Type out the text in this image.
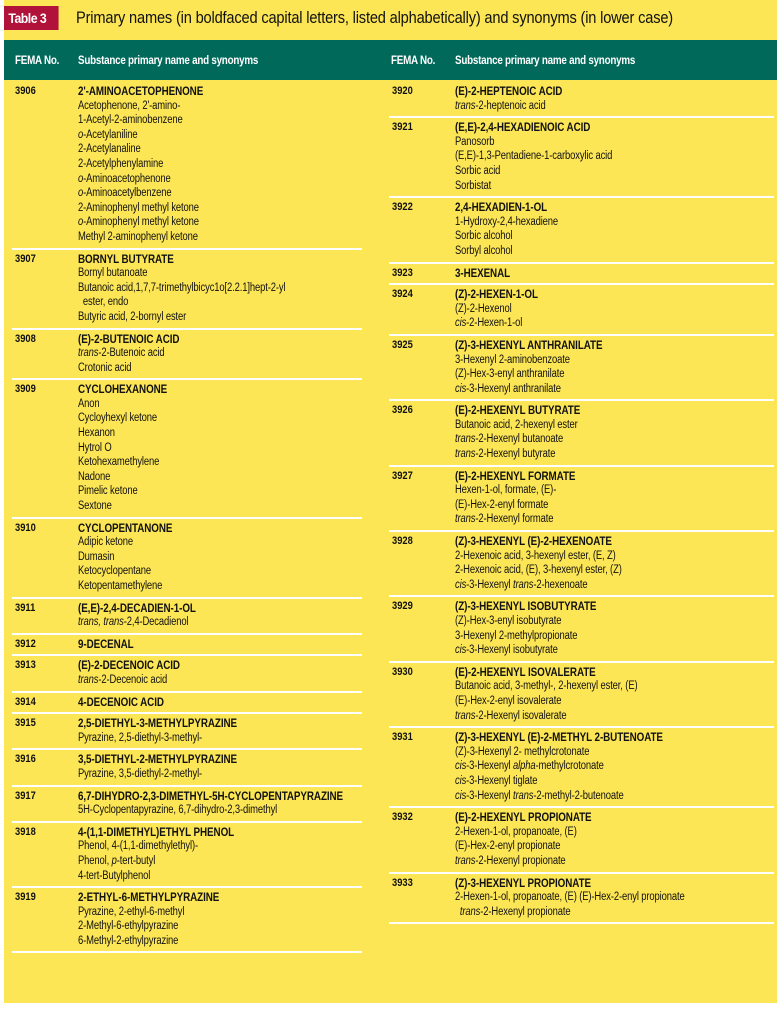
Table 3	Primary names (in boldfaced capital letters, listed alphabetically) and synonyms (in lower case)
FEMA No. Substance primary name and synonyms	FEMA No. Substance primary name and synonyms
3906	2'-AMINOACETOPHENONE
Acetophenone, 2'-amino-
1-Acetyl-2-aminobenzene
o-Acetylaniline
2-Acetylanaline
2-Acetylphenylamine
o-Aminoacetophenone
o-Aminoacetylbenzene
2-Aminophenyl methyl ketone
o-Aminophenyl methyl ketone
Methyl 2-aminophenyl ketone
3907	BORNYL BUTYRATE
Bornyl butanoate
Butanoic acid,1,7,7-trimethylbicyc1o[2.2.1]hept-2-yl
ester, endo
Butyric acid, 2-bornyl ester
3908	(E)-2-BUTENOIC ACID
trans-2-Butenoic acid
Crotonic acid
3909	CYCLOHEXANONE
Anon
Cycloyhexyl ketone
Hexanon
Hytrol O
Ketohexamethylene
Nadone
Pimelic ketone
Sextone
3910	CYCLOPENTANONE
Adipic ketone
Dumasin
Ketocyclopentane
Ketopentamethylene
3911	(E,E)-2,4-DECADIEN-1-OL
trans, trans-2,4-Decadienol
3912	9-DECENAL
3913	(E)-2-DECENOIC ACID
trans-2-Decenoic acid
3914	4-DECENOIC ACID
3915	2,5-DIETHYL-3-METHYLPYRAZINE
Pyrazine, 2,5-diethyl-3-methyl-
3916	3,5-DIETHYL-2-METHYLPYRAZINE
Pyrazine, 3,5-diethyl-2-methyl-
3917	6,7-DIHYDRO-2,3-DIMETHYL-5H-CYCLOPENTAPYRAZINE
5H-Cyclopentapyrazine, 6,7-dihydro-2,3-dimethyl
3918	4-(1,1-DIMETHYL)ETHYL PHENOL
Phenol, 4-(1,1-dimethylethyl)-
Phenol, p-tert-butyl
4-tert-Butylphenol
3919	2-ETHYL-6-METHYLPYRAZINE
Pyrazine, 2-ethyl-6-methyl
2-Methyl-6-ethylpyrazine
6-Methyl-2-ethylpyrazine
3920	(E)-2-HEPTENOIC ACID
trans-2-heptenoic acid
3921	(E,E)-2,4-HEXADIENOIC ACID
Panosorb
(E,E)-1,3-Pentadiene-1-carboxylic acid
Sorbic acid
Sorbistat
3922	2,4-HEXADIEN-1-OL
1-Hydroxy-2,4-hexadiene
Sorbic alcohol
Sorbyl alcohol
3923	3-HEXENAL
3924	(Z)-2-HEXEN-1-OL
(Z)-2-Hexenol
cis-2-Hexen-1-ol
3925	(Z)-3-HEXENYL ANTHRANILATE
3-Hexenyl 2-aminobenzoate
(Z)-Hex-3-enyl anthranilate
cis-3-Hexenyl anthranilate
3926	(E)-2-HEXENYL BUTYRATE
Butanoic acid, 2-hexenyl ester
trans-2-Hexenyl butanoate
trans-2-Hexenyl butyrate
3927	(E)-2-HEXENYL FORMATE
Hexen-1-ol, formate, (E)-
(E)-Hex-2-enyl formate
trans-2-Hexenyl formate
3928	(Z)-3-HEXENYL (E)-2-HEXENOATE
2-Hexenoic acid, 3-hexenyl ester, (E, Z)
2-Hexenoic acid, (E), 3-hexenyl ester, (Z)
cis-3-Hexenyl trans-2-hexenoate
3929	(Z)-3-HEXENYL ISOBUTYRATE
(Z)-Hex-3-enyl isobutyrate
3-Hexenyl 2-methylpropionate
cis-3-Hexenyl isobutyrate
3930	(E)-2-HEXENYL ISOVALERATE
Butanoic acid, 3-methyl-, 2-hexenyl ester, (E)
(E)-Hex-2-enyl isovalerate
trans-2-Hexenyl isovalerate
3931	(Z)-3-HEXENYL (E)-2-METHYL 2-BUTENOATE
(Z)-3-Hexenyl 2- methylcrotonate
cis-3-Hexenyl alpha-methylcrotonate
cis-3-Hexenyl tiglate
cis-3-Hexenyl trans-2-methyl-2-butenoate
3932	(E)-2-HEXENYL PROPIONATE
2-Hexen-1-ol, propanoate, (E)
(E)-Hex-2-enyl propionate
trans-2-Hexenyl propionate
3933	(Z)-3-HEXENYL PROPIONATE
2-Hexen-1-ol, propanoate, (E) (E)-Hex-2-enyl propionate
trans-2-Hexenyl propionate
